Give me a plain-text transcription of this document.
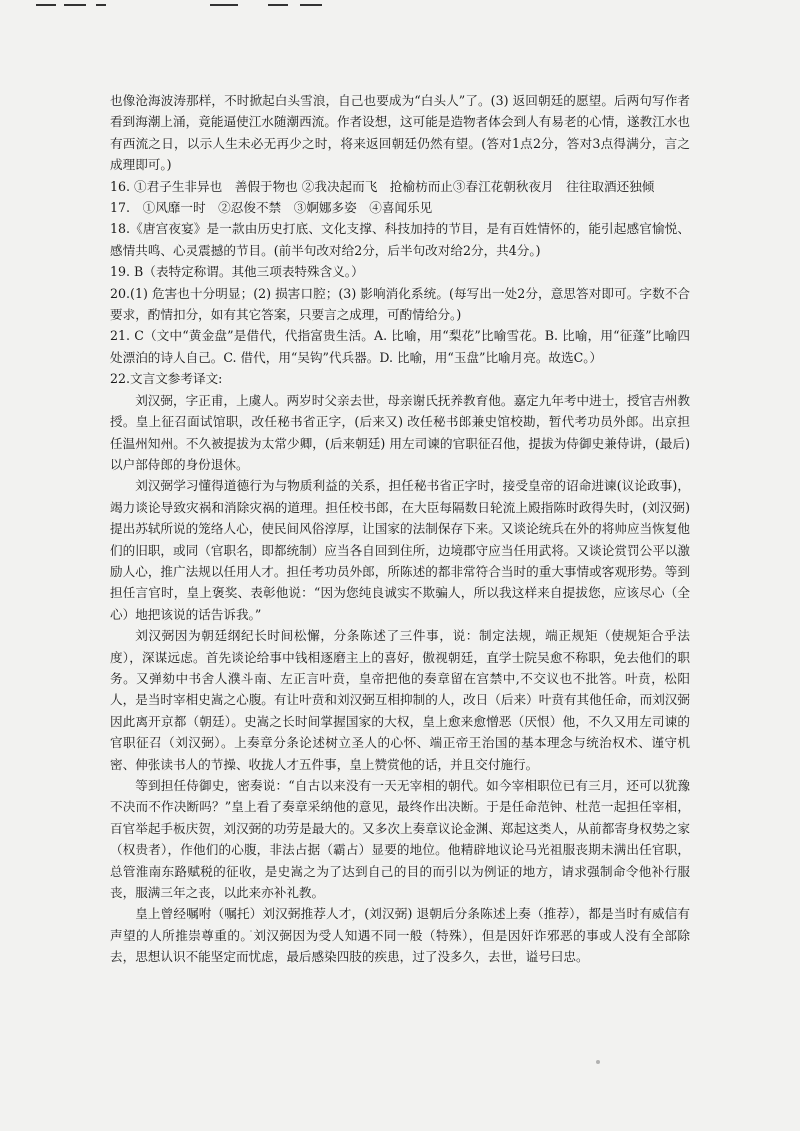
也像沧海波涛那样，不时掀起白头雪浪，自己也要成为“白头人”了。(3) 返回朝廷的愿望。后两句写作者看到海潮上涌，竟能逼使江水随潮西流。作者设想，这可能是造物者体会到人有易老的心情，遂教江水也有西流之日，以示人生未必无再少之时，将来返回朝廷仍然有望。(答对1点2分，答对3点得满分，言之成理即可。)

16. ①君子生非异也　善假于物也 ②我决起而飞　抢榆枋而止③春江花朝秋夜月　往往取酒还独倾

17.　①风靡一时　②忍俊不禁　③婀娜多姿　④喜闻乐见

18.《唐宫夜宴》是一款由历史打底、文化支撑、科技加持的节目，是有百姓情怀的，能引起感官愉悦、感情共鸣、心灵震撼的节目。(前半句改对给2分，后半句改对给2分，共4分。)

19. B（表特定称谓。其他三项表特殊含义。）

20.(1) 危害也十分明显；(2) 损害口腔；(3) 影响消化系统。(每写出一处2分，意思答对即可。字数不合要求，酌情扣分，如有其它答案，只要言之成理，可酌情给分。)

21. C（文中“黄金盘”是借代，代指富贵生活。A. 比喻，用“梨花”比喻雪花。B. 比喻，用“征蓬”比喻四处漂泊的诗人自己。C. 借代，用“吴钩”代兵器。D. 比喻，用“玉盘”比喻月亮。故选C。）

22.文言文参考译文:

刘汉弼，字正甫，上虞人。两岁时父亲去世，母亲谢氏抚养教育他。嘉定九年考中进士，授官吉州教授。皇上征召面试馆职，改任秘书省正字，(后来又) 改任秘书郎兼史馆校勘，暂代考功员外郎。出京担任温州知州。不久被提拔为太常少卿，(后来朝廷) 用左司谏的官职征召他，提拔为侍御史兼侍讲，(最后) 以户部侍郎的身份退休。

刘汉弼学习懂得道德行为与物质利益的关系，担任秘书省正字时，接受皇帝的诏命进谏(议论政事)，竭力谈论导致灾祸和消除灾祸的道理。担任校书郎，在大臣每隔数日轮流上殿指陈时政得失时，(刘汉弼) 提出苏轼所说的笼络人心，使民间风俗淳厚，让国家的法制保存下来。又谈论统兵在外的将帅应当恢复他们的旧职，或同（官职名，即都统制）应当各自回到住所，边境郡守应当任用武将。又谈论赏罚公平以激励人心，推广法规以任用人才。担任考功员外郎，所陈述的都非常符合当时的重大事情或客观形势。等到担任言官时，皇上褒奖、表彰他说：“因为您纯良诚实不欺骗人，所以我这样来自提拔您，应该尽心（全心）地把该说的话告诉我。”

刘汉弼因为朝廷纲纪长时间松懈，分条陈述了三件事，说：制定法规，端正规矩（使规矩合乎法度），深谋远虑。首先谈论给事中钱相逐磨主上的喜好，傲视朝廷，直学士院吴愈不称职，免去他们的职务。又弹劾中书舍人濮斗南、左正言叶贲，皇帝把他的奏章留在宫禁中,不交议也不批答。叶贲，松阳人，是当时宰相史嵩之心腹。有让叶贲和刘汉弼互相抑制的人，改日（后来）叶贲有其他任命，而刘汉弼因此离开京都（朝廷）。史嵩之长时间掌握国家的大权，皇上愈来愈憎恶（厌恨）他，不久又用左司谏的官职征召（刘汉弼）。上奏章分条论述树立圣人的心怀、端正帝王治国的基本理念与统治权术、谨守机密、伸张读书人的节操、收拢人才五件事，皇上赞赏他的话，并且交付施行。

等到担任侍御史，密奏说：“自古以来没有一天无宰相的朝代。如今宰相职位已有三月，还可以犹豫不决而不作决断吗？”皇上看了奏章采纳他的意见，最终作出决断。于是任命范钟、杜范一起担任宰相，百官举起手板庆贺，刘汉弼的功劳是最大的。又多次上奏章议论金渊、郑起这类人，从前都寄身权势之家（权贵者），作他们的心腹，非法占据（霸占）显要的地位。他精辟地议论马光祖服丧期未满出任官职，总管淮南东路赋税的征收，是史嵩之为了达到自己的目的而引以为例证的地方，请求强制命令他补行服丧，服满三年之丧，以此来亦补礼教。

皇上曾经嘱咐（嘱托）刘汉弼推荐人才，(刘汉弼) 退朝后分条陈述上奏（推荐），都是当时有威信有声望的人所推崇尊重的。刘汉弼因为受人知遇不同一般（特殊），但是因奸诈邪恶的事或人没有全部除去，思想认识不能坚定而忧虑，最后感染四肢的疾患，过了没多久，去世，谥号曰忠。
